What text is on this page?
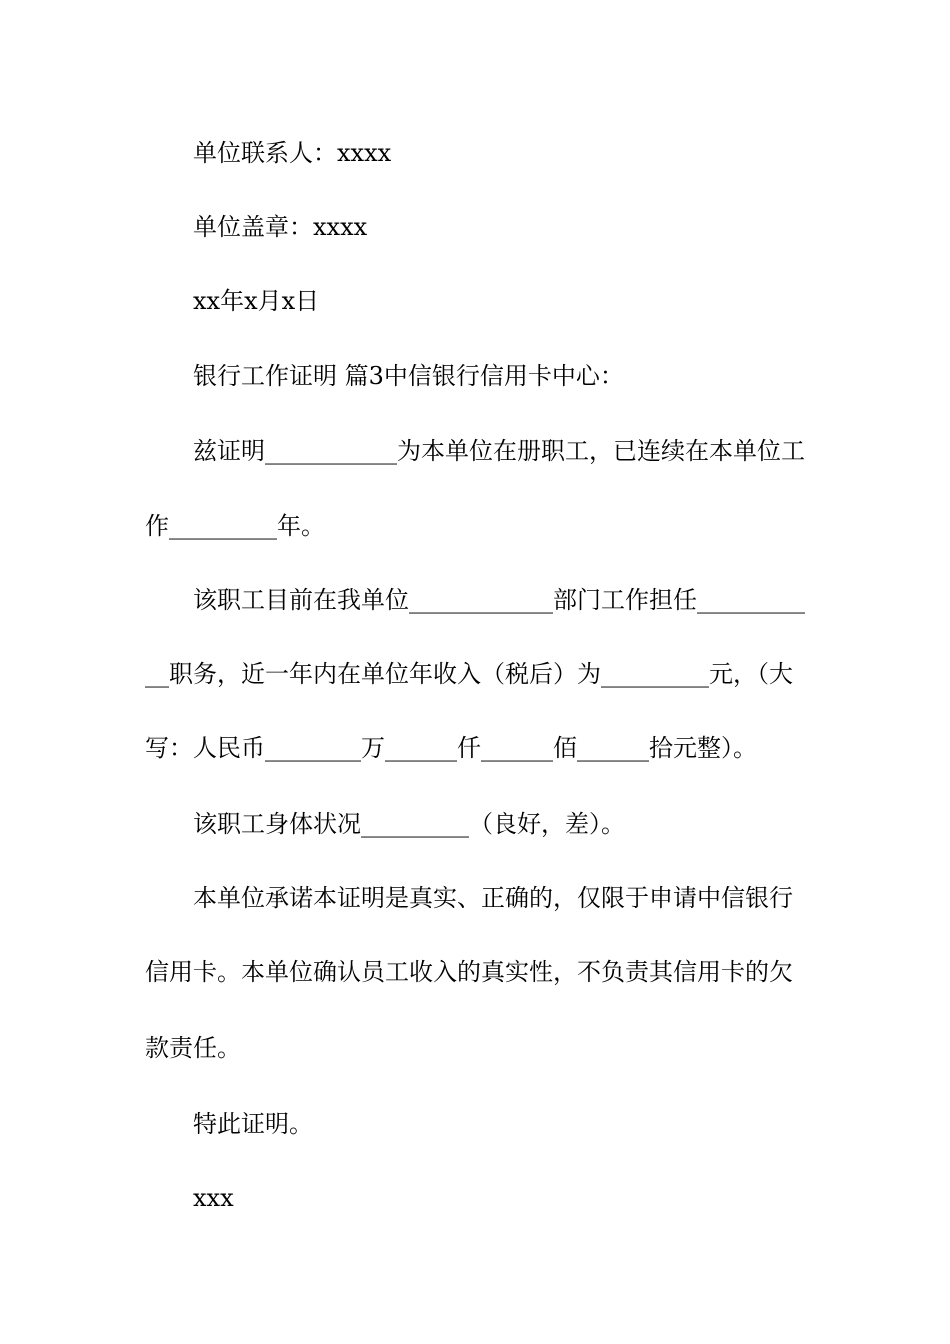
单位联系人：xxxx
单位盖章：xxxx
xx年x月x日
银行工作证明 篇3中信银行信用卡中心：
兹证明___________为本单位在册职工，已连续在本单位工
作_________年。
该职工目前在我单位____________部门工作担任_________
__职务，近一年内在单位年收入（税后）为_________元，（大
写：人民币________万______仟______佰______拾元整）。
该职工身体状况_________（良好，差）。
本单位承诺本证明是真实、正确的，仅限于申请中信银行
信用卡。本单位确认员工收入的真实性，不负责其信用卡的欠
款责任。
特此证明。
xxx
